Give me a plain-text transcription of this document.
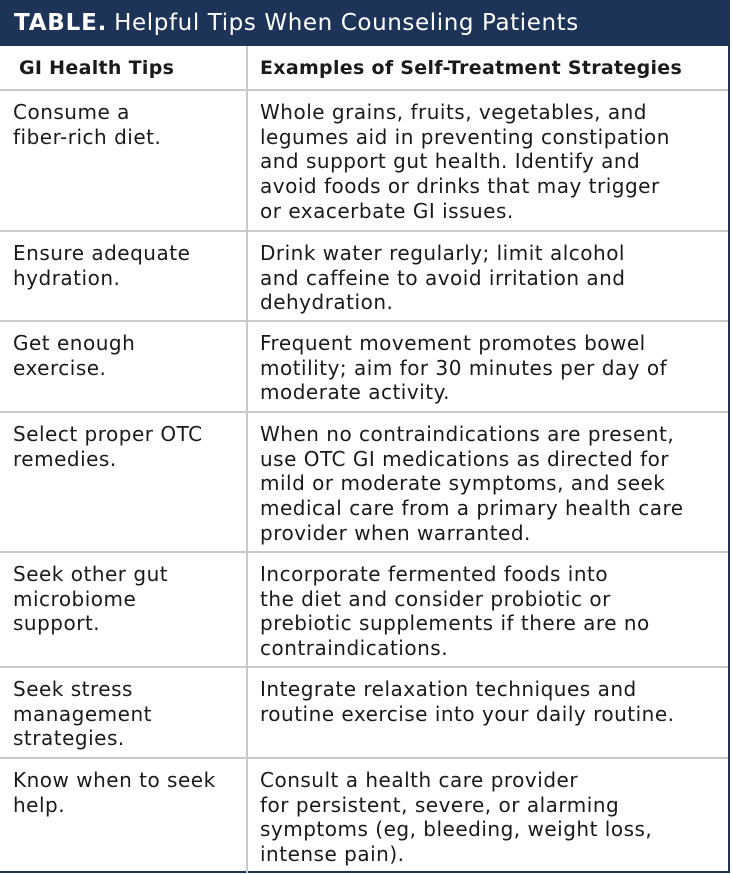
TABLE. Helpful Tips When Counseling Patients
GI Health Tips	Examples of Self-Treatment Strategies

Consume a
fiber-rich diet.	Whole grains, fruits, vegetables, and
legumes aid in preventing constipation
and support gut health. Identify and
avoid foods or drinks that may trigger
or exacerbate GI issues.

Ensure adequate
hydration.	Drink water regularly; limit alcohol
and caffeine to avoid irritation and
dehydration.

Get enough
exercise.	Frequent movement promotes bowel
motility; aim for 30 minutes per day of
moderate activity.

Select proper OTC
remedies.	When no contraindications are present,
use OTC GI medications as directed for
mild or moderate symptoms, and seek
medical care from a primary health care
provider when warranted.

Seek other gut
microbiome
support.	Incorporate fermented foods into
the diet and consider probiotic or
prebiotic supplements if there are no
contraindications.

Seek stress
management
strategies.	Integrate relaxation techniques and
routine exercise into your daily routine.

Know when to seek
help.	Consult a health care provider
for persistent, severe, or alarming
symptoms (eg, bleeding, weight loss,
intense pain).
